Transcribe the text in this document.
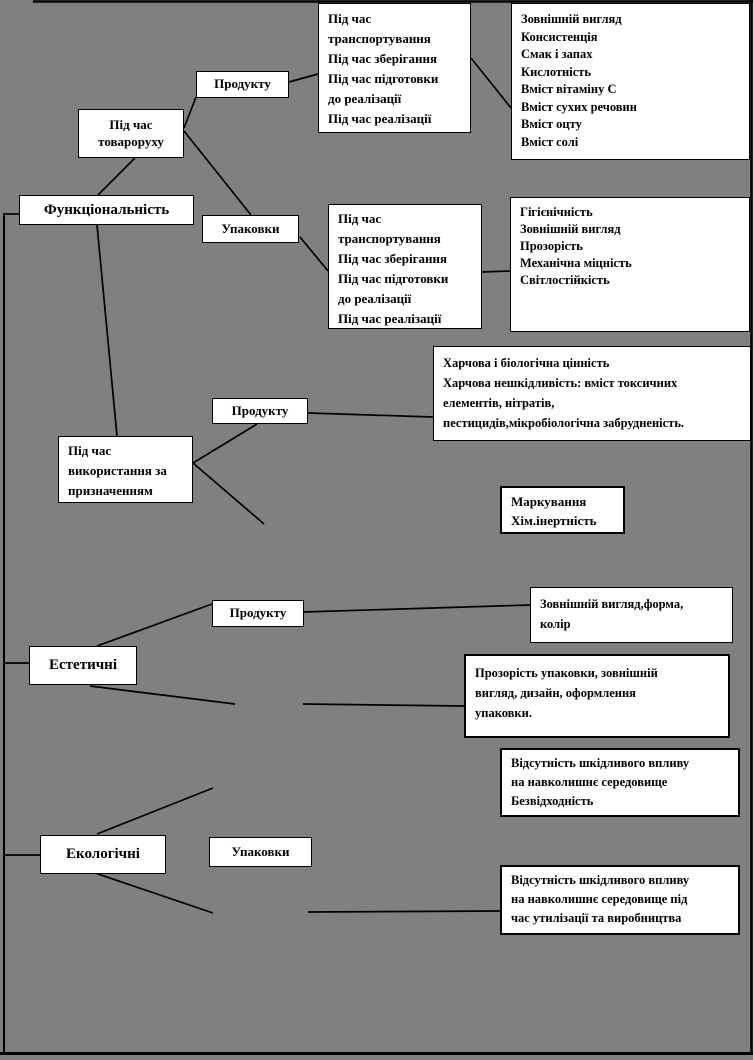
Функціональність
Естетичні
Екологічні
Під час
товароруху
Під час
використання за
призначенням
Продукту
Упаковки
Продукту
Продукту
Упаковки
Під час
транспортування
Під час зберігання
Під час підготовки
до реалізації
Під час реалізації
Під час
транспортування
Під час зберігання
Під час підготовки
до реалізації
Під час реалізації
Зовнішній вигляд
Консистенція
Смак і запах
Кислотність
Вміст вітаміну С
Вміст сухих речовин
Вміст оцту
Вміст солі
Гігієнічність
Зовнішній вигляд
Прозорість
Механічна міцність
Світлостійкість
Харчова і біологічна цінність
Харчова нешкідливість: вміст токсичних
елементів, нітратів,
пестицидів,мікробіологічна забрудненість.
Маркування
Хім.інертність
Зовнішній вигляд,форма,
колір
Прозорість упаковки, зовнішній
вигляд, дизайн, оформлення
упаковки.
Відсутність шкідливого впливу
на навколишнє середовище
Безвідходність
Відсутність шкідливого впливу
на навколишнє середовище під
час утилізації та виробництва
